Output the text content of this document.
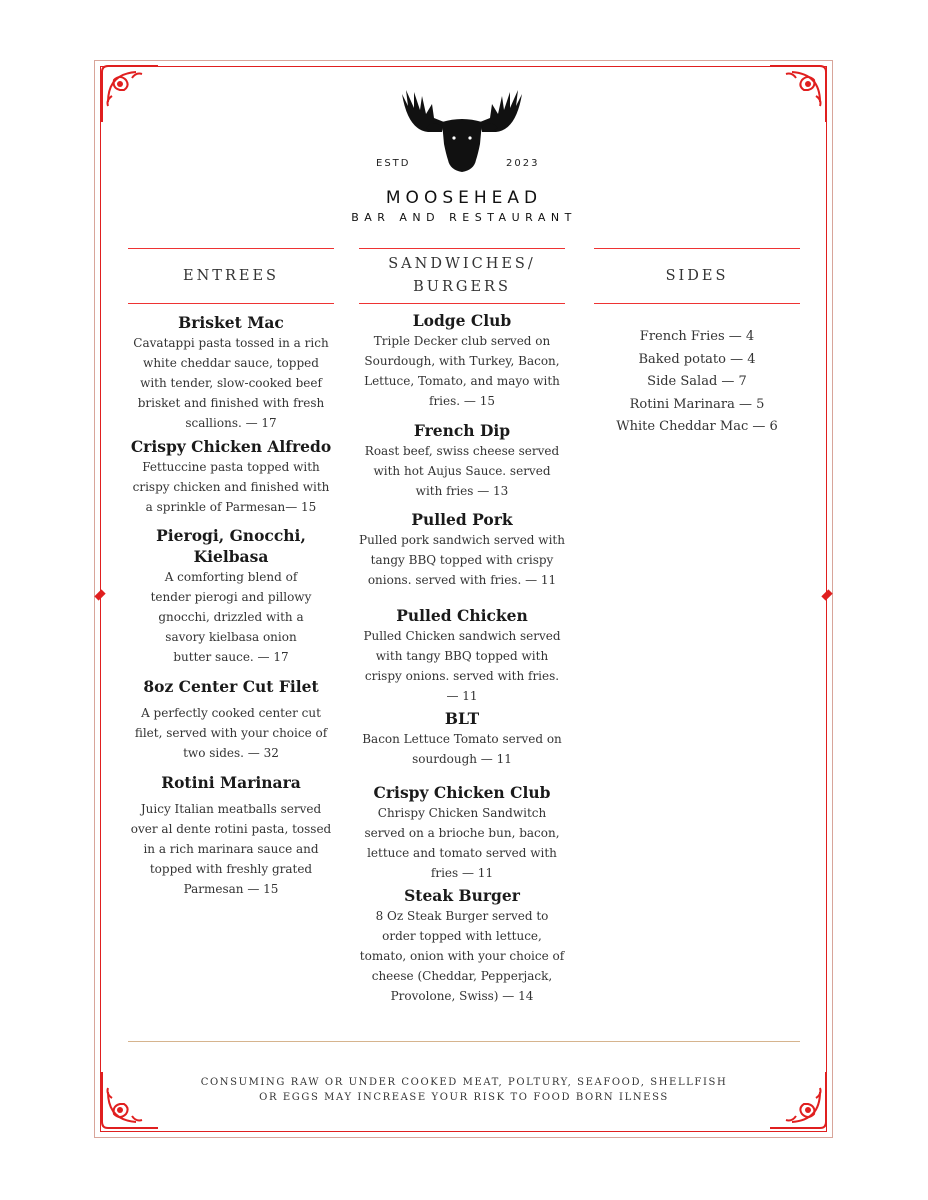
ESTD	2023
MOOSEHEAD
BAR AND RESTAURANT
ENTREES
Brisket Mac
Cavatappi pasta tossed in a rich white cheddar sauce, topped with tender, slow-cooked beef brisket and finished with fresh scallions. — 17
Crispy Chicken Alfredo
Fettuccine pasta topped with crispy chicken and finished with a sprinkle of Parmesan— 15
Pierogi, Gnocchi, Kielbasa
A comforting blend of tender pierogi and pillowy gnocchi, drizzled with a savory kielbasa onion butter sauce. — 17
8oz Center Cut Filet
A perfectly cooked center cut filet, served with your choice of two sides. — 32
Rotini Marinara
Juicy Italian meatballs served over al dente rotini pasta, tossed in a rich marinara sauce and topped with freshly grated Parmesan — 15
SANDWICHES/ BURGERS
Lodge Club
Triple Decker club served on Sourdough, with Turkey, Bacon, Lettuce, Tomato, and mayo with fries. — 15
French Dip
Roast beef, swiss cheese served with hot Aujus Sauce. served with fries — 13
Pulled Pork
Pulled pork sandwich served with tangy BBQ topped with crispy onions. served with fries. — 11
Pulled Chicken
Pulled Chicken sandwich served with tangy BBQ topped with crispy onions. served with fries. — 11
BLT
Bacon Lettuce Tomato served on sourdough — 11
Crispy Chicken Club
Chrispy Chicken Sandwitch served on a brioche bun, bacon, lettuce and tomato served with fries — 11
Steak Burger
8 Oz Steak Burger served to order topped with lettuce, tomato, onion with your choice of cheese (Cheddar, Pepperjack, Provolone, Swiss) — 14
SIDES
French Fries — 4
Baked potato — 4
Side Salad — 7
Rotini Marinara — 5
White Cheddar Mac — 6
CONSUMING RAW OR UNDER COOKED MEAT, POLTURY, SEAFOOD, SHELLFISH OR EGGS MAY INCREASE YOUR RISK TO FOOD BORN ILNESS
